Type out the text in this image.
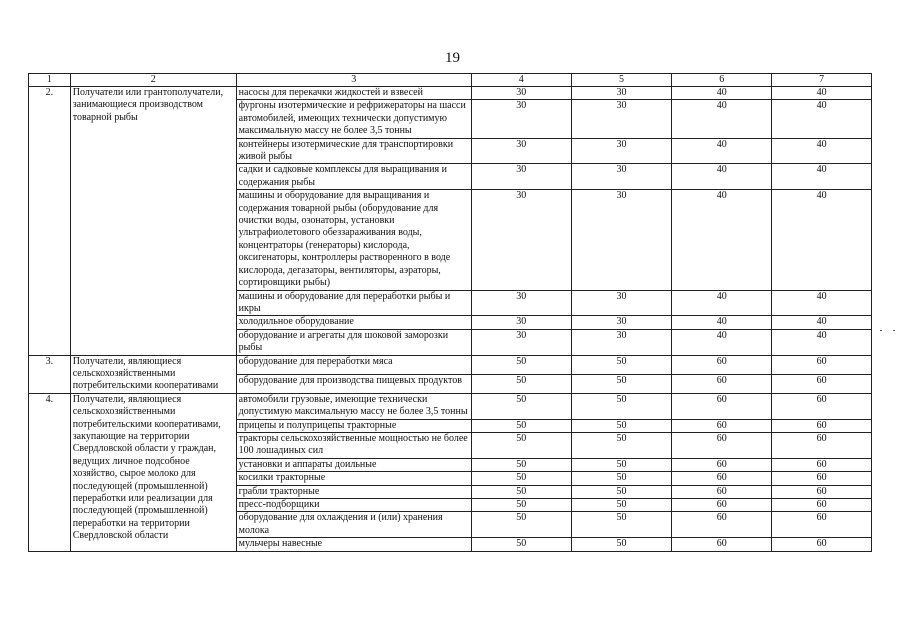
19
1	2	3	4	5	6	7
2.	Получатели или грантополучатели, занимающиеся производством товарной рыбы	насосы для перекачки жидкостей и взвесей	30	30	40	40
		фургоны изотермические и рефрижераторы на шасси автомобилей, имеющих технически допустимую максимальную массу не более 3,5 тонны	30	30	40	40
		контейнеры изотермические для транспортировки живой рыбы	30	30	40	40
		садки и садковые комплексы для выращивания и содержания рыбы	30	30	40	40
		машины и оборудование для выращивания и содержания товарной рыбы (оборудование для очистки воды, озонаторы, установки ультрафиолетового обеззараживания воды, концентраторы (генераторы) кислорода, оксигенаторы, контроллеры растворенного в воде кислорода, дегазаторы, вентиляторы, аэраторы, сортировщики рыбы)	30	30	40	40
		машины и оборудование для переработки рыбы и икры	30	30	40	40
		холодильное оборудование	30	30	40	40
		оборудование и агрегаты для шоковой заморозки рыбы	30	30	40	40
3.	Получатели, являющиеся сельскохозяйственными потребительскими кооперативами	оборудование для переработки мяса	50	50	60	60
		оборудование для производства пищевых продуктов	50	50	60	60
4.	Получатели, являющиеся сельскохозяйственными потребительскими кооперативами, закупающие на территории Свердловской области у граждан, ведущих личное подсобное хозяйство, сырое молоко для последующей (промышленной) переработки или реализации для последующей (промышленной) переработки на территории Свердловской области	автомобили грузовые, имеющие технически допустимую максимальную массу не более 3,5 тонны	50	50	60	60
		прицепы и полуприцепы тракторные	50	50	60	60
		тракторы сельскохозяйственные мощностью не более 100 лошадиных сил	50	50	60	60
		установки и аппараты доильные	50	50	60	60
		косилки тракторные	50	50	60	60
		грабли тракторные	50	50	60	60
		пресс-подборщики	50	50	60	60
		оборудование для охлаждения и (или) хранения молока	50	50	60	60
		мульчеры навесные	50	50	60	60
